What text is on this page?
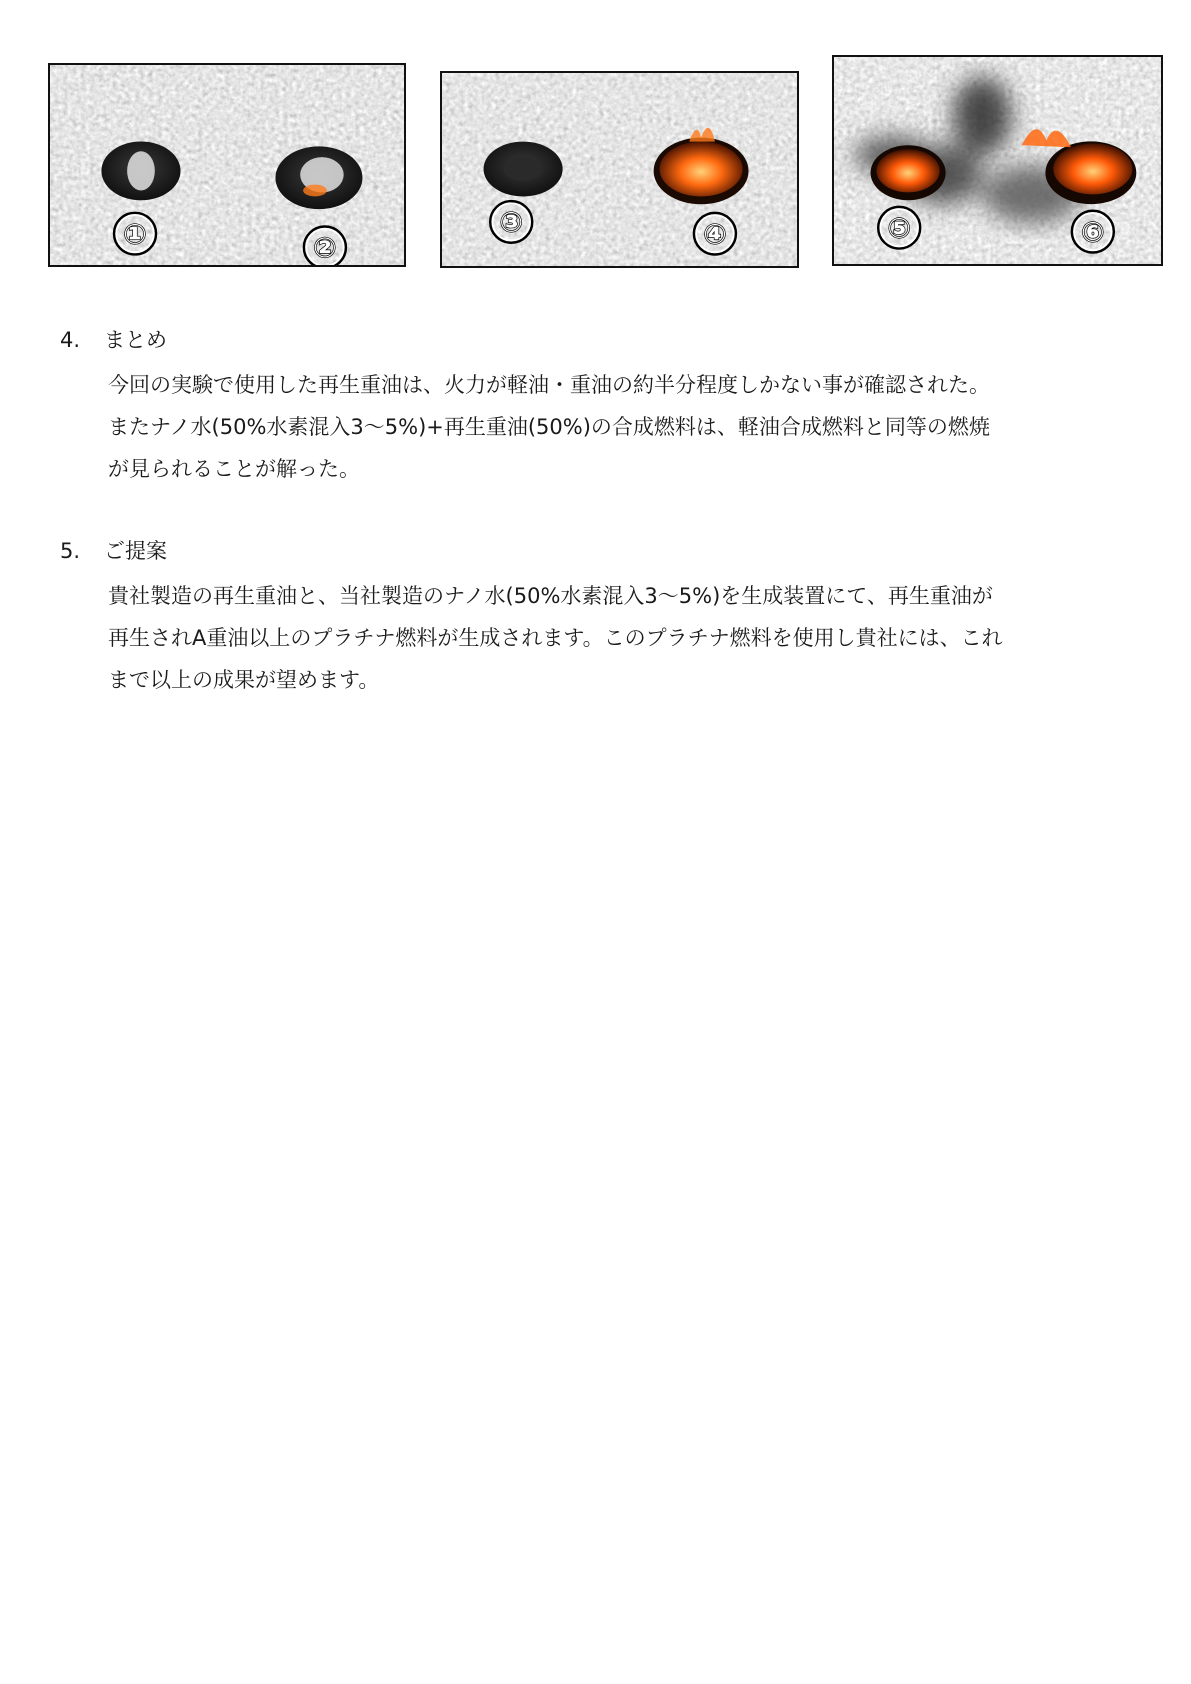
①	②
③	④	⑤	⑥
4. まとめ

今回の実験で使用した再生重油は、火力が軽油・重油の約半分程度しかない事が確認された。

またナノ水(50%水素混入3～5%)+再生重油(50%)の合成燃料は、軽油合成燃料と同等の燃焼

が見られることが解った。

5. ご提案

貴社製造の再生重油と、当社製造のナノ水(50%水素混入3～5%)を生成装置にて、再生重油が

再生されA重油以上のプラチナ燃料が生成されます。このプラチナ燃料を使用し貴社には、これ

まで以上の成果が望めます。
